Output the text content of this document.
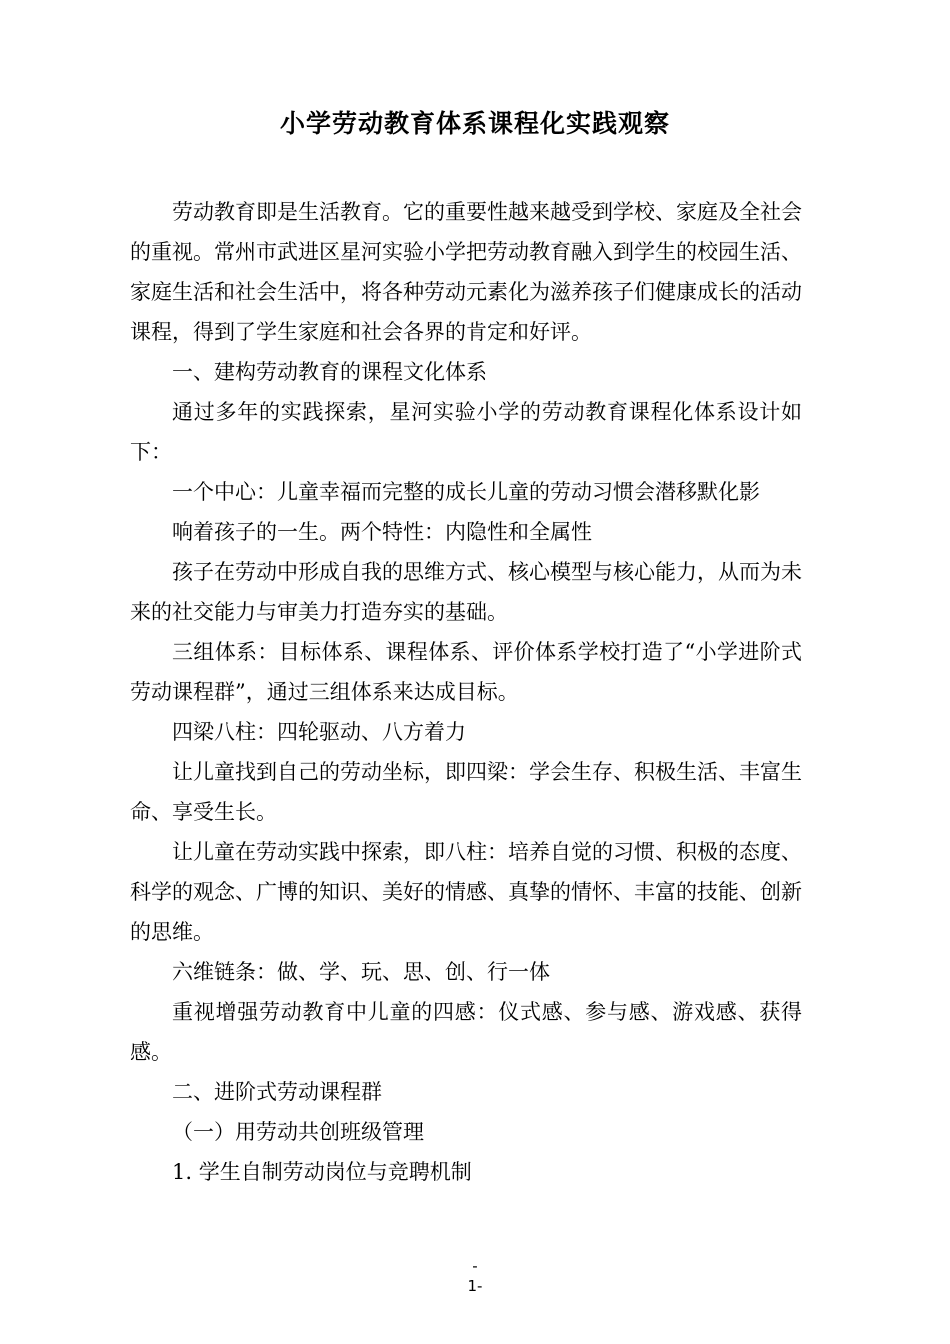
小学劳动教育体系课程化实践观察

劳动教育即是生活教育。它的重要性越来越受到学校、家庭及全社会的重视。常州市武进区星河实验小学把劳动教育融入到学生的校园生活、家庭生活和社会生活中，将各种劳动元素化为滋养孩子们健康成长的活动课程，得到了学生家庭和社会各界的肯定和好评。

一、建构劳动教育的课程文化体系

通过多年的实践探索，星河实验小学的劳动教育课程化体系设计如下：

一个中心：儿童幸福而完整的成长儿童的劳动习惯会潜移默化影

响着孩子的一生。两个特性：内隐性和全属性

孩子在劳动中形成自我的思维方式、核心模型与核心能力，从而为未来的社交能力与审美力打造夯实的基础。

三组体系：目标体系、课程体系、评价体系学校打造了“小学进阶式劳动课程群”，通过三组体系来达成目标。

四梁八柱：四轮驱动、八方着力

让儿童找到自己的劳动坐标，即四梁：学会生存、积极生活、丰富生命、享受生长。

让儿童在劳动实践中探索，即八柱：培养自觉的习惯、积极的态度、科学的观念、广博的知识、美好的情感、真挚的情怀、丰富的技能、创新的思维。

六维链条：做、学、玩、思、创、行一体

重视增强劳动教育中儿童的四感：仪式感、参与感、游戏感、获得感。

二、进阶式劳动课程群

（一）用劳动共创班级管理

1. 学生自制劳动岗位与竞聘机制

-
1-
